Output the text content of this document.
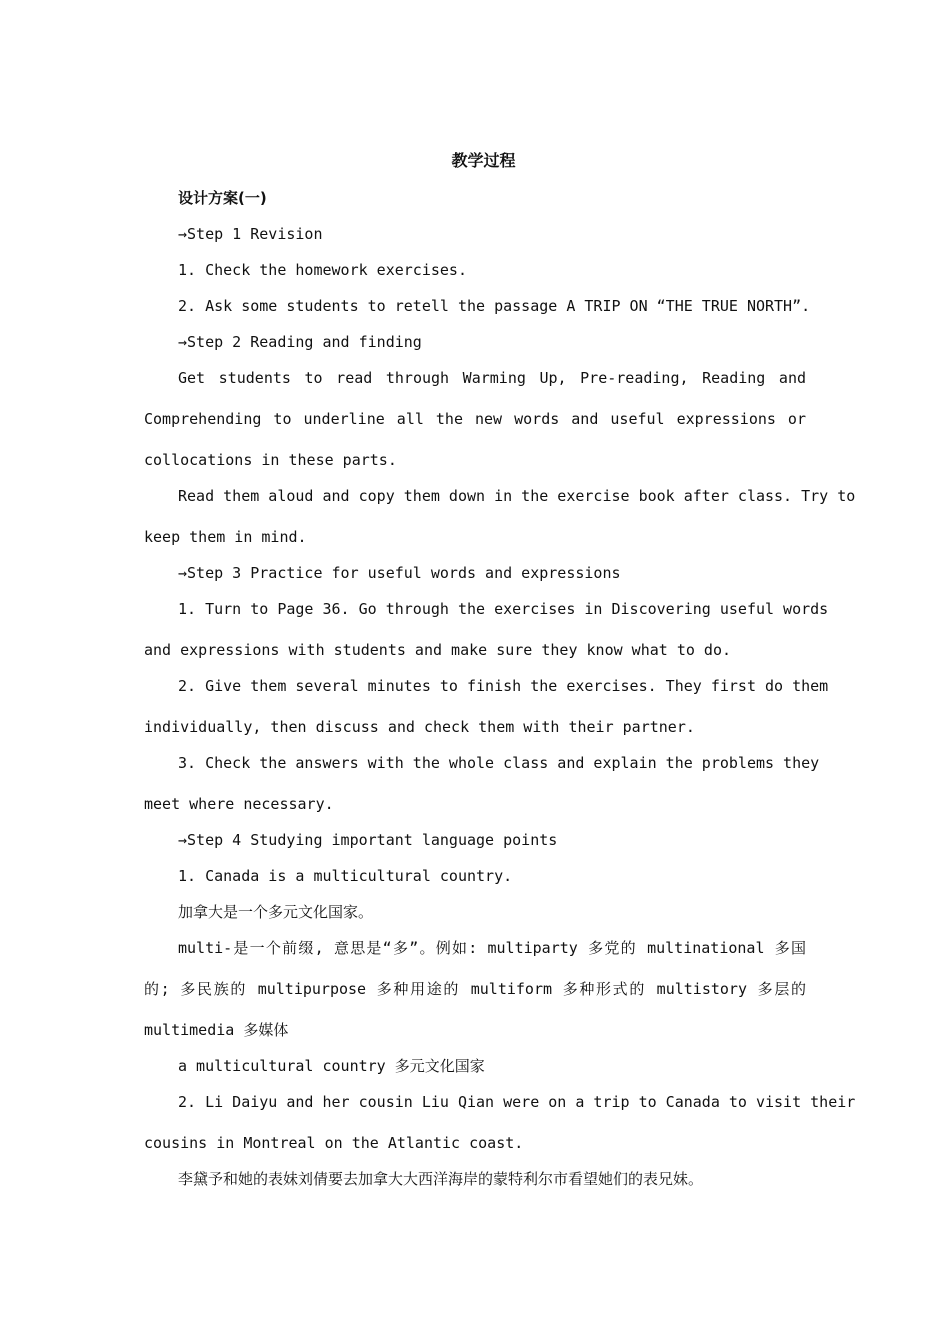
教学过程
设计方案(一)
→Step 1 Revision
1. Check the homework exercises.
2. Ask some students to retell the passage A TRIP ON “THE TRUE NORTH”.
→Step 2 Reading and finding
Get students to read through Warming Up, Pre-reading, Reading and
Comprehending to underline all the new words and useful expressions or
collocations in these parts.
Read them aloud and copy them down in the exercise book after class. Try to
keep them in mind.
→Step 3 Practice for useful words and expressions
1. Turn to Page 36. Go through the exercises in Discovering useful words
and expressions with students and make sure they know what to do.
2. Give them several minutes to finish the exercises. They first do them
individually, then discuss and check them with their partner.
3. Check the answers with the whole class and explain the problems they
meet where necessary.
→Step 4 Studying important language points
1. Canada is a multicultural country.
加拿大是一个多元文化国家。
multi-是一个前缀, 意思是“多”。例如: multiparty 多党的 multinational 多国
的; 多民族的 multipurpose 多种用途的 multiform 多种形式的 multistory 多层的
multimedia 多媒体
a multicultural country 多元文化国家
2. Li Daiyu and her cousin Liu Qian were on a trip to Canada to visit their
cousins in Montreal on the Atlantic coast.
李黛予和她的表妹刘倩要去加拿大大西洋海岸的蒙特利尔市看望她们的表兄妹。
